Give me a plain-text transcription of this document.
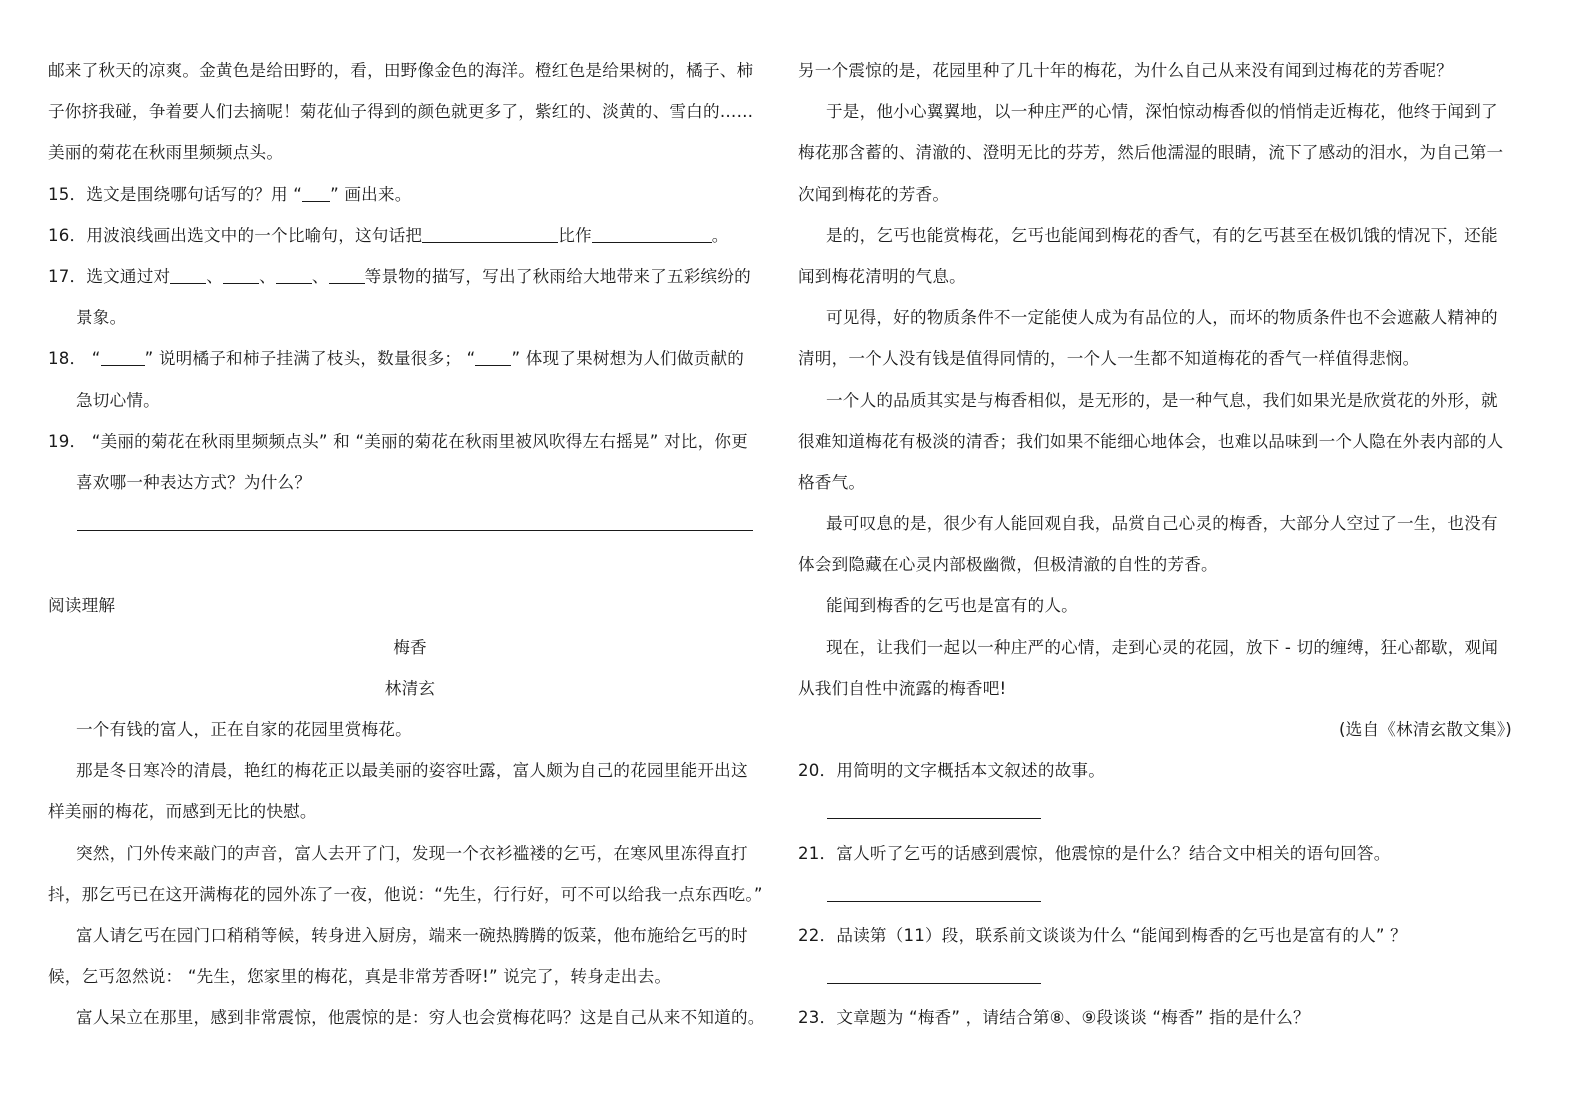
邮来了秋天的凉爽。金黄色是给田野的，看，田野像金色的海洋。橙红色是给果树的，橘子、柿
子你挤我碰，争着要人们去摘呢！菊花仙子得到的颜色就更多了，紫红的、淡黄的、雪白的……
美丽的菊花在秋雨里频频点头。
15．选文是围绕哪句话写的？用 “ ” 画出来。
16．用波浪线画出选文中的一个比喻句，这句话把	比作	。
17．选文通过对 、 、 、 等景物的描写，写出了秋雨给大地带来了五彩缤纷的
景象。
18． “	” 说明橘子和柿子挂满了枝头，数量很多； “ ” 体现了果树想为人们做贡献的
急切心情。
19． “美丽的菊花在秋雨里频频点头” 和 “美丽的菊花在秋雨里被风吹得左右摇晃” 对比，你更
喜欢哪一种表达方式？为什么？
阅读理解
梅香
林清玄
一个有钱的富人，正在自家的花园里赏梅花。
那是冬日寒冷的清晨，艳红的梅花正以最美丽的姿容吐露，富人颇为自己的花园里能开出这
样美丽的梅花，而感到无比的快慰。
突然，门外传来敲门的声音，富人去开了门，发现一个衣衫褴褛的乞丐，在寒风里冻得直打
抖，那乞丐已在这开满梅花的园外冻了一夜，他说：“先生，行行好，可不可以给我一点东西吃。”
富人请乞丐在园门口稍稍等候，转身进入厨房，端来一碗热腾腾的饭菜，他布施给乞丐的时
候，乞丐忽然说： “先生，您家里的梅花，真是非常芳香呀!” 说完了，转身走出去。
富人呆立在那里，感到非常震惊，他震惊的是：穷人也会赏梅花吗？这是自己从来不知道的。
另一个震惊的是，花园里种了几十年的梅花，为什么自己从来没有闻到过梅花的芳香呢？
于是，他小心翼翼地，以一种庄严的心情，深怕惊动梅香似的悄悄走近梅花，他终于闻到了
梅花那含蓄的、清澈的、澄明无比的芬芳，然后他濡湿的眼睛，流下了感动的泪水，为自己第一
次闻到梅花的芳香。
是的，乞丐也能赏梅花，乞丐也能闻到梅花的香气，有的乞丐甚至在极饥饿的情况下，还能
闻到梅花清明的气息。
可见得，好的物质条件不一定能使人成为有品位的人，而坏的物质条件也不会遮蔽人精神的
清明，一个人没有钱是值得同情的，一个人一生都不知道梅花的香气一样值得悲悯。
一个人的品质其实是与梅香相似，是无形的，是一种气息，我们如果光是欣赏花的外形，就
很难知道梅花有极淡的清香；我们如果不能细心地体会，也难以品味到一个人隐在外表内部的人
格香气。
最可叹息的是，很少有人能回观自我，品赏自己心灵的梅香，大部分人空过了一生，也没有
体会到隐藏在心灵内部极幽微，但极清澈的自性的芳香。
能闻到梅香的乞丐也是富有的人。
现在，让我们一起以一种庄严的心情，走到心灵的花园，放下 - 切的缠缚，狂心都歇，观闻
从我们自性中流露的梅香吧!
(选自《林清玄散文集》)
20．用简明的文字概括本文叙述的故事。
21．富人听了乞丐的话感到震惊，他震惊的是什么？结合文中相关的语句回答。
22．品读第（11）段，联系前文谈谈为什么 “能闻到梅香的乞丐也是富有的人” ？
23．文章题为 “梅香” ，请结合第⑧、⑨段谈谈 “梅香” 指的是什么？
